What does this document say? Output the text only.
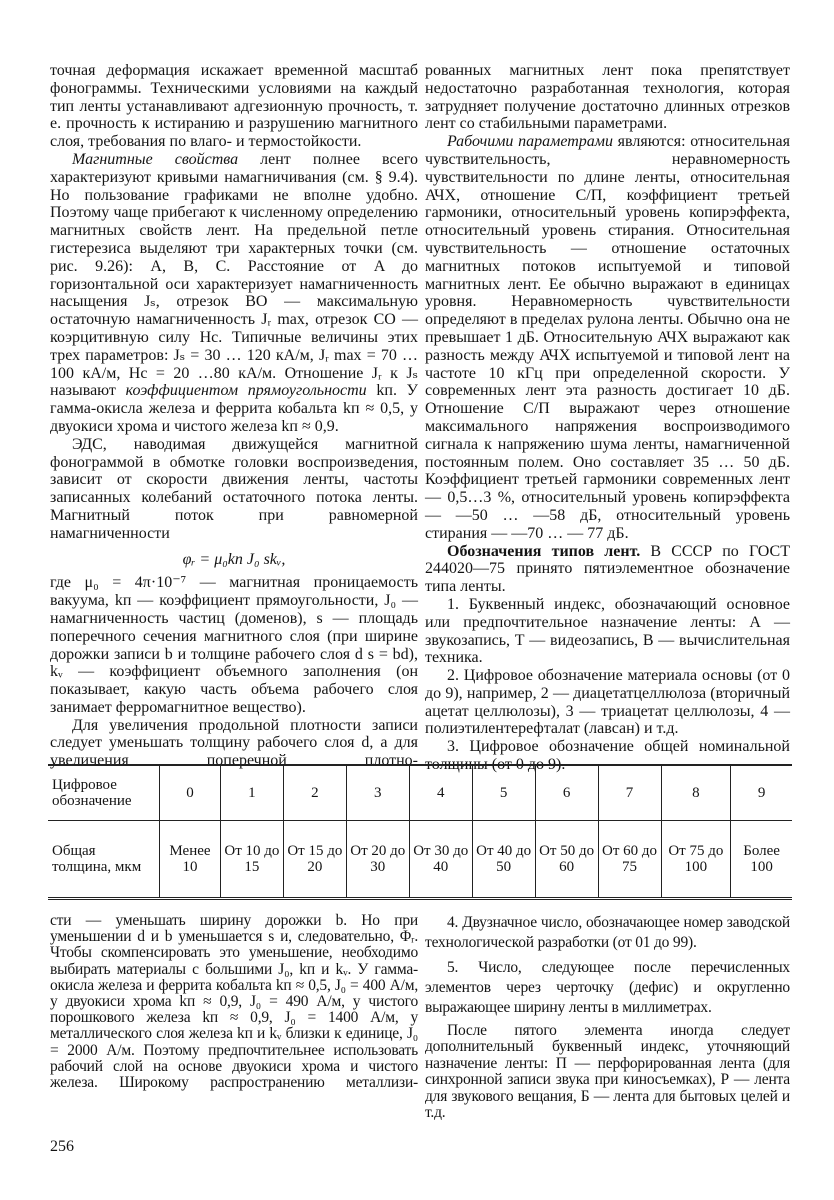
точная деформация искажает временной масштаб фонограммы. Техническими условиями на каждый тип ленты устанавливают адгезионную прочность, т. е. прочность к истиранию и разрушению магнитного слоя, требования по влаго- и термостойкости.

Магнитные свойства лент полнее всего характеризуют кривыми намагничивания (см. § 9.4). Но пользование графиками не вполне удобно. Поэтому чаще прибегают к численному определению магнитных свойств лент. На предельной петле гистерезиса выделяют три характерных точки (см. рис. 9.26): A, B, C. Расстояние от A до горизонтальной оси характеризует намагниченность насыщения Jₛ, отрезок BO — максимальную остаточную намагниченность Jᵣ max, отрезок CO — коэрцитивную силу Hc. Типичные величины этих трех параметров: Jₛ = 30 … 120 кА/м, Jᵣ max = 70 … 100 кА/м, Hc = 20 …80 кА/м. Отношение Jᵣ к Jₛ называют коэффициентом прямоугольности kп. У гамма-окисла железа и феррита кобальта kп ≈ 0,5, у двуокиси хрома и чистого железа kп ≈ 0,9.

ЭДС, наводимая движущейся магнитной фонограммой в обмотке головки воспроизведения, зависит от скорости движения ленты, частоты записанных колебаний остаточного потока ленты. Магнитный поток при равномерной намагниченности

φᵣ = μ₀kп J₀ skᵥ,

где μ₀ = 4π·10⁻⁷ — магнитная проницаемость вакуума, kп — коэффициент прямоугольности, J₀ — намагниченность частиц (доменов), s — площадь поперечного сечения магнитного слоя (при ширине дорожки записи b и толщине рабочего слоя d s = bd), kᵥ — коэффициент объемного заполнения (он показывает, какую часть объема рабочего слоя занимает ферромагнитное вещество).

Для увеличения продольной плотности записи следует уменьшать толщину рабочего слоя d, а для увеличения поперечной плотно-

рованных магнитных лент пока препятствует недостаточно разработанная технология, которая затрудняет получение достаточно длинных отрезков лент со стабильными параметрами.

Рабочими параметрами являются: относительная чувствительность, неравномерность чувствительности по длине ленты, относительная АЧХ, отношение С/П, коэффициент третьей гармоники, относительный уровень копирэффекта, относительный уровень стирания. Относительная чувствительность — отношение остаточных магнитных потоков испытуемой и типовой магнитных лент. Ее обычно выражают в единицах уровня. Неравномерность чувствительности определяют в пределах рулона ленты. Обычно она не превышает 1 дБ. Относительную АЧХ выражают как разность между АЧХ испытуемой и типовой лент на частоте 10 кГц при определенной скорости. У современных лент эта разность достигает 10 дБ. Отношение С/П выражают через отношение максимального напряжения воспроизводимого сигнала к напряжению шума ленты, намагниченной постоянным полем. Оно составляет 35 … 50 дБ. Коэффициент третьей гармоники современных лент — 0,5…3 %, относительный уровень копирэффекта — —50 … —58 дБ, относительный уровень стирания — —70 … — 77 дБ.

Обозначения типов лент. В СССР по ГОСТ 244020—75 принято пятиэлементное обозначение типа ленты.

1. Буквенный индекс, обозначающий основное или предпочтительное назначение ленты: А — звукозапись, Т — видеозапись, В — вычислительная техника.

2. Цифровое обозначение материала основы (от 0 до 9), например, 2 — диацетатцеллюлоза (вторичный ацетат целлюлозы), 3 — триацетат целлюлозы, 4 — полиэтилентерефталат (лавсан) и т.д.

3. Цифровое обозначение общей номинальной толщины (от 0 до 9).

Цифровое обозначение	0	1	2	3	4	5	6	7	8	9
Общая толщина, мкм	Менее 10	От 10 до 15	От 15 до 20	От 20 до 30	От 30 до 40	От 40 до 50	От 50 до 60	От 60 до 75	От 75 до 100	Более 100

сти — уменьшать ширину дорожки b. Но при уменьшении d и b уменьшается s и, следовательно, Φᵣ. Чтобы скомпенсировать это уменьшение, необходимо выбирать материалы с большими J₀, kп и kᵥ. У гамма-окисла железа и феррита кобальта kп ≈ 0,5, J₀ = 400 А/м, у двуокиси хрома kп ≈ 0,9, J₀ = 490 А/м, у чистого порошкового железа kп ≈ 0,9, J₀ = 1400 А/м, у металлического слоя железа kп и kᵥ близки к единице, J₀ = 2000 А/м. Поэтому предпочтительнее использовать рабочий слой на основе двуокиси хрома и чистого железа. Широкому распространению металлизи-

4. Двузначное число, обозначающее номер заводской технологической разработки (от 01 до 99).

5. Число, следующее после перечисленных элементов через черточку (дефис) и округленно выражающее ширину ленты в миллиметрах.

После пятого элемента иногда следует дополнительный буквенный индекс, уточняющий назначение ленты: П — перфорированная лента (для синхронной записи звука при киносъемках), Р — лента для звукового вещания, Б — лента для бытовых целей и т.д.

256
